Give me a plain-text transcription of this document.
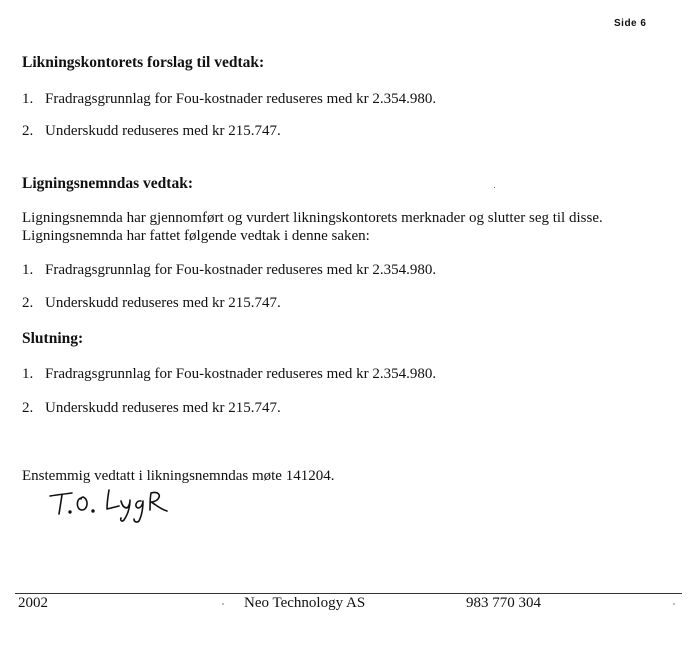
Side 6
Likningskontorets forslag til vedtak:

1. Fradragsgrunnlag for Fou-kostnader reduseres med kr 2.354.980.

2. Underskudd reduseres med kr 215.747.

Ligningsnemndas vedtak:

Ligningsnemnda har gjennomført og vurdert likningskontorets merknader og slutter seg til disse.

Ligningsnemnda har fattet følgende vedtak i denne saken:

1. Fradragsgrunnlag for Fou-kostnader reduseres med kr 2.354.980.

2. Underskudd reduseres med kr 215.747.

Slutning:

1. Fradragsgrunnlag for Fou-kostnader reduseres med kr 2.354.980.

2. Underskudd reduseres med kr 215.747.

Enstemmig vedtatt i likningsnemndas møte 141204.

2002	Neo Technology AS	983 770 304
